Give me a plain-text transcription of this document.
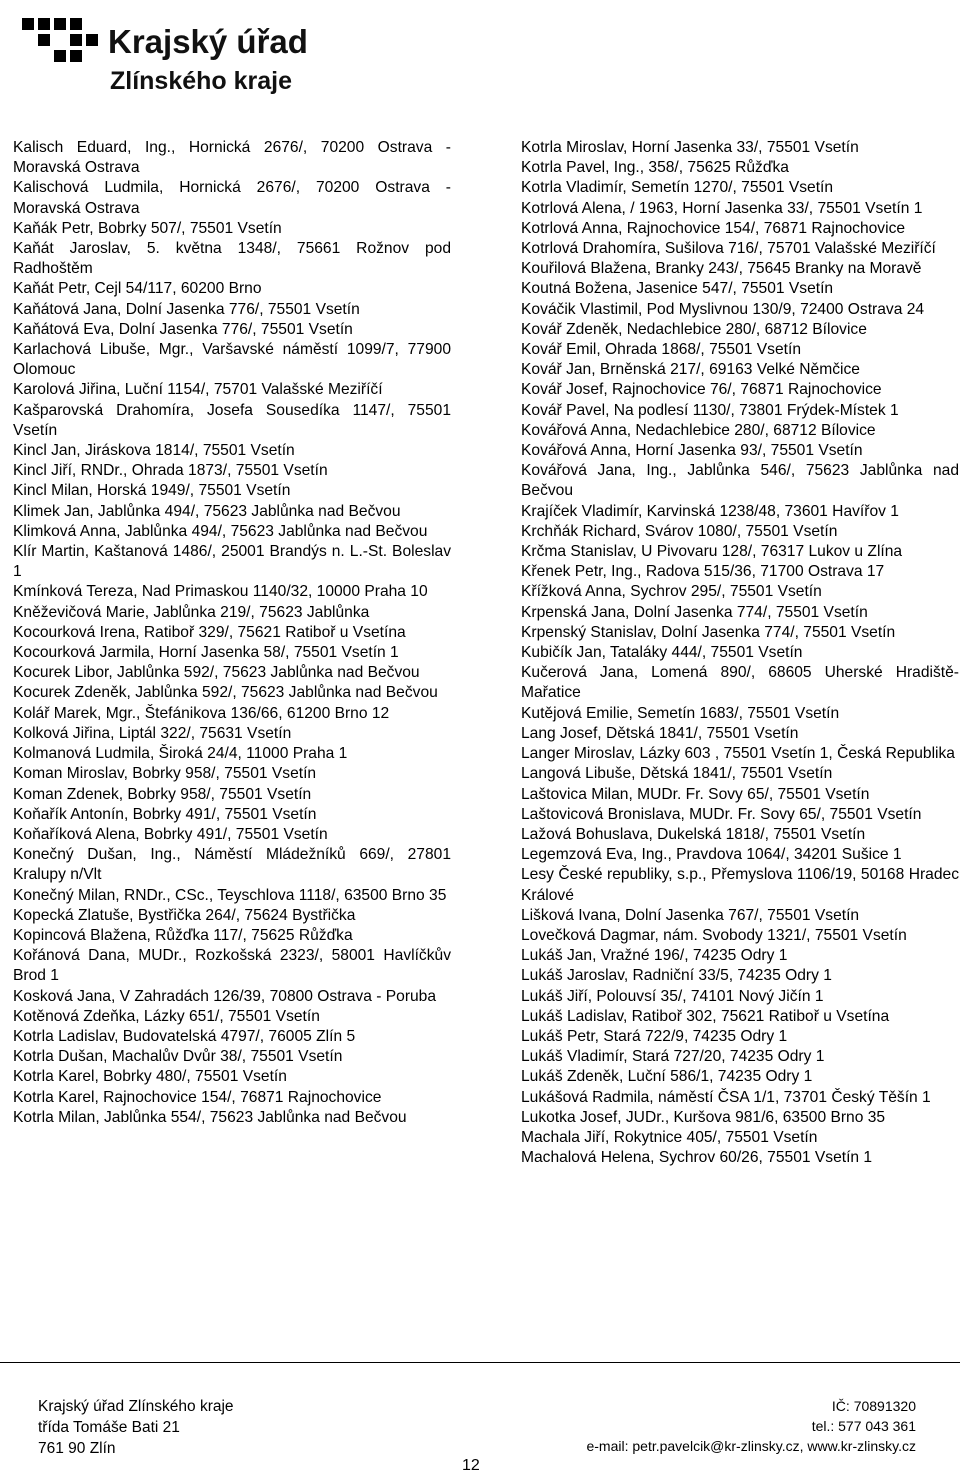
Krajský úřad
Zlínského kraje

Kalisch Eduard, Ing., Hornická 2676/, 70200 Ostrava - Moravská Ostrava

Kalischová Ludmila, Hornická 2676/, 70200 Ostrava - Moravská Ostrava

Kaňák Petr, Bobrky 507/, 75501 Vsetín

Kaňát Jaroslav, 5. května 1348/, 75661 Rožnov pod Radhoštěm

Kaňát Petr, Cejl 54/117, 60200 Brno

Kaňátová Jana, Dolní Jasenka 776/, 75501 Vsetín

Kaňátová Eva, Dolní Jasenka 776/, 75501 Vsetín

Karlachová Libuše, Mgr., Varšavské náměstí 1099/7, 77900 Olomouc

Karolová Jiřina, Luční 1154/, 75701 Valašské Meziříčí

Kašparovská Drahomíra, Josefa Sousedíka 1147/, 75501 Vsetín

Kincl Jan, Jiráskova 1814/, 75501 Vsetín

Kincl Jiří, RNDr., Ohrada 1873/, 75501 Vsetín

Kincl Milan, Horská 1949/, 75501 Vsetín

Klimek Jan, Jablůnka 494/, 75623 Jablůnka nad Bečvou

Klimková Anna, Jablůnka 494/, 75623 Jablůnka nad Bečvou

Klír Martin, Kaštanová 1486/, 25001 Brandýs n. L.-St. Boleslav 1

Kmínková Tereza, Nad Primaskou 1140/32, 10000 Praha 10

Kněževičová Marie, Jablůnka 219/, 75623 Jablůnka

Kocourková Irena, Ratiboř 329/, 75621 Ratiboř u Vsetína

Kocourková Jarmila, Horní Jasenka 58/, 75501 Vsetín 1

Kocurek Libor, Jablůnka 592/, 75623 Jablůnka nad Bečvou

Kocurek Zdeněk, Jablůnka 592/, 75623 Jablůnka nad Bečvou

Kolář Marek, Mgr., Štefánikova 136/66, 61200 Brno 12

Kolková Jiřina, Liptál 322/, 75631 Vsetín

Kolmanová Ludmila, Široká 24/4, 11000 Praha 1

Koman Miroslav, Bobrky 958/, 75501 Vsetín

Koman Zdenek, Bobrky 958/, 75501 Vsetín

Koňařík Antonín, Bobrky 491/, 75501 Vsetín

Koňaříková Alena, Bobrky 491/, 75501 Vsetín

Konečný Dušan, Ing., Náměstí Mládežníků 669/, 27801 Kralupy n/Vlt

Konečný Milan, RNDr., CSc., Teyschlova 1118/, 63500 Brno 35

Kopecká Zlatuše, Bystřička 264/, 75624 Bystřička

Kopincová Blažena, Růžďka 117/, 75625 Růžďka

Kořánová Dana, MUDr., Rozkošská 2323/, 58001 Havlíčkův Brod 1

Kosková Jana, V Zahradách 126/39, 70800 Ostrava - Poruba

Kotěnová Zdeňka, Lázky 651/, 75501 Vsetín

Kotrla Ladislav, Budovatelská 4797/, 76005 Zlín 5

Kotrla Dušan, Machalův Dvůr 38/, 75501 Vsetín

Kotrla Karel, Bobrky 480/, 75501 Vsetín

Kotrla Karel, Rajnochovice 154/, 76871 Rajnochovice

Kotrla Milan, Jablůnka 554/, 75623 Jablůnka nad Bečvou

Kotrla Miroslav, Horní Jasenka 33/, 75501 Vsetín

Kotrla Pavel, Ing., 358/, 75625 Růžďka

Kotrla Vladimír, Semetín 1270/, 75501 Vsetín

Kotrlová Alena, / 1963, Horní Jasenka 33/, 75501 Vsetín 1

Kotrlová Anna, Rajnochovice 154/, 76871 Rajnochovice

Kotrlová Drahomíra, Sušilova 716/, 75701 Valašské Meziříčí

Kouřilová Blažena, Branky 243/, 75645 Branky na Moravě

Koutná Božena, Jasenice 547/, 75501 Vsetín

Kováčik Vlastimil, Pod Myslivnou 130/9, 72400 Ostrava 24

Kovář Zdeněk, Nedachlebice 280/, 68712 Bílovice

Kovář Emil, Ohrada 1868/, 75501 Vsetín

Kovář Jan, Brněnská 217/, 69163 Velké Němčice

Kovář Josef, Rajnochovice 76/, 76871 Rajnochovice

Kovář Pavel, Na podlesí 1130/, 73801 Frýdek-Místek 1

Kovářová Anna, Nedachlebice 280/, 68712 Bílovice

Kovářová Anna, Horní Jasenka 93/, 75501 Vsetín

Kovářová Jana, Ing., Jablůnka 546/, 75623 Jablůnka nad Bečvou

Krajíček Vladimír, Karvinská 1238/48, 73601 Havířov 1

Krchňák Richard, Svárov 1080/, 75501 Vsetín

Krčma Stanislav, U Pivovaru 128/, 76317 Lukov u Zlína

Křenek Petr, Ing., Radova 515/36, 71700 Ostrava 17

Křížková Anna, Sychrov 295/, 75501 Vsetín

Krpenská Jana, Dolní Jasenka 774/, 75501 Vsetín

Krpenský Stanislav, Dolní Jasenka 774/, 75501 Vsetín

Kubičík Jan, Tataláky 444/, 75501 Vsetín

Kučerová Jana, Lomená 890/, 68605 Uherské Hradiště-Mařatice

Kutějová Emilie, Semetín 1683/, 75501 Vsetín

Lang Josef, Dětská 1841/, 75501 Vsetín

Langer Miroslav, Lázky 603 , 75501 Vsetín 1, Česká Republika

Langová Libuše, Dětská 1841/, 75501 Vsetín

Laštovica Milan, MUDr. Fr. Sovy 65/, 75501 Vsetín

Laštovicová Bronislava, MUDr. Fr. Sovy 65/, 75501 Vsetín

Lažová Bohuslava, Dukelská 1818/, 75501 Vsetín

Legemzová Eva, Ing., Pravdova 1064/, 34201 Sušice 1

Lesy České republiky, s.p., Přemyslova 1106/19, 50168 Hradec Králové

Lišková Ivana, Dolní Jasenka 767/, 75501 Vsetín

Lovečková Dagmar, nám. Svobody 1321/, 75501 Vsetín

Lukáš Jan, Vražné 196/, 74235 Odry 1

Lukáš Jaroslav, Radniční 33/5, 74235 Odry 1

Lukáš Jiří, Polouvsí 35/, 74101 Nový Jičín 1

Lukáš Ladislav, Ratiboř 302, 75621 Ratiboř u Vsetína

Lukáš Petr, Stará 722/9, 74235 Odry 1

Lukáš Vladimír, Stará 727/20, 74235 Odry 1

Lukáš Zdeněk, Luční 586/1, 74235 Odry 1

Lukášová Radmila, náměstí ČSA 1/1, 73701 Český Těšín 1

Lukotka Josef, JUDr., Kuršova 981/6, 63500 Brno 35

Machala Jiří, Rokytnice 405/, 75501 Vsetín

Machalová Helena, Sychrov 60/26, 75501 Vsetín 1

Krajský úřad Zlínského kraje
třída Tomáše Bati 21
761 90 Zlín
IČ: 70891320
tel.: 577 043 361
e-mail: petr.pavelcik@kr-zlinsky.cz, www.kr-zlinsky.cz
12
